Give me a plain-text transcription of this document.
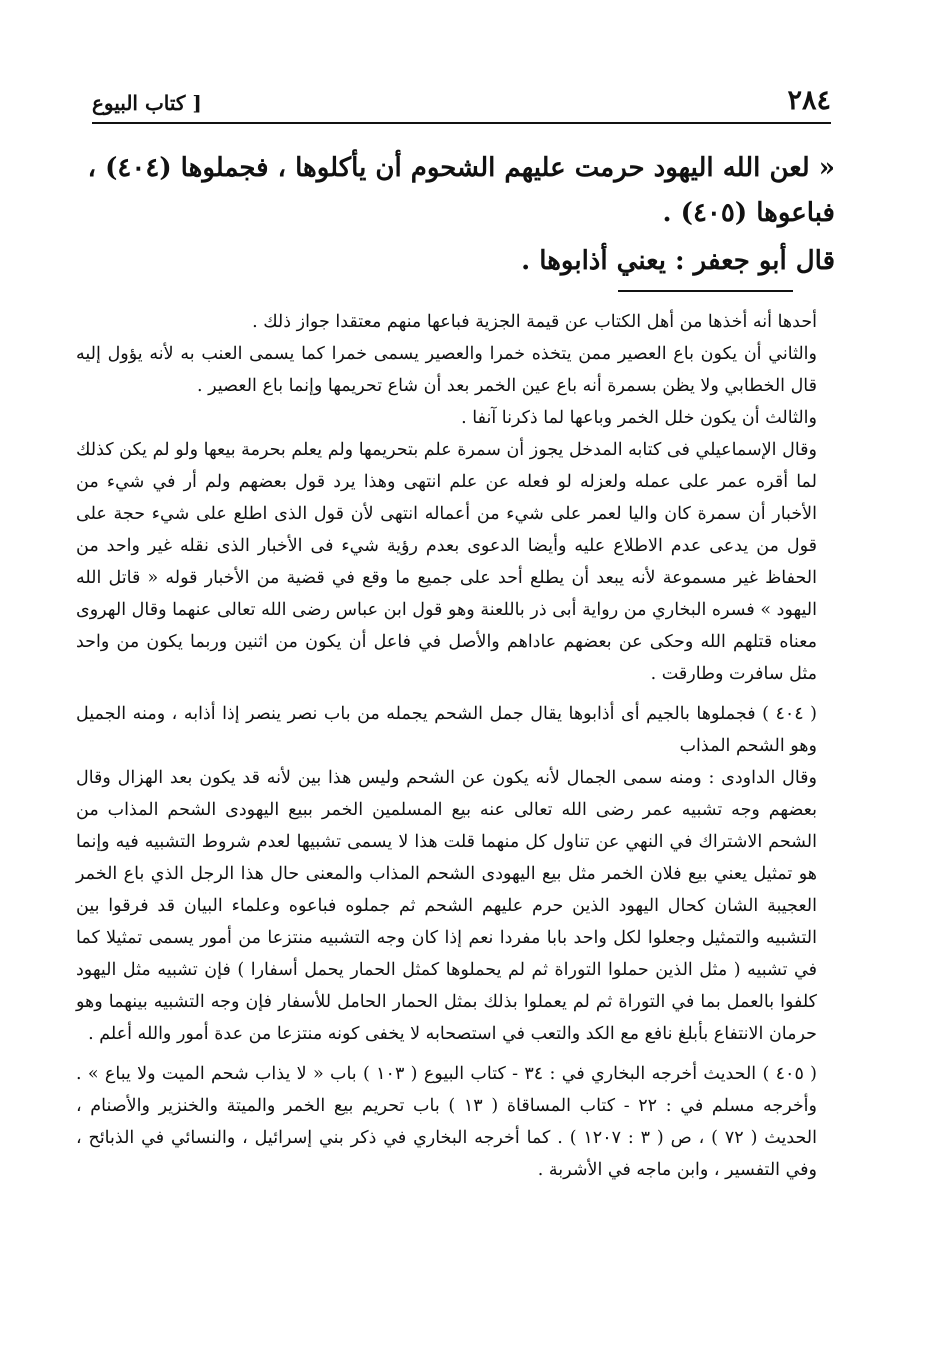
٢٨٤
[ كتاب البيوع

« لعن الله اليهود حرمت عليهم الشحوم أن يأكلوها ، فجملوها (٤٠٤) ،
فباعوها (٤٠٥) .

قال أبو جعفر : يعني أذابوها .

أحدها أنه أخذها من أهل الكتاب عن قيمة الجزية فباعها منهم معتقدا جواز ذلك .

والثاني أن يكون باع العصير ممن يتخذه خمرا والعصير يسمى خمرا كما يسمى العنب به لأنه يؤول إليه قال الخطابي ولا يظن بسمرة أنه باع عين الخمر بعد أن شاع تحريمها وإنما باع العصير .

والثالث أن يكون خلل الخمر وباعها لما ذكرنا آنفا .

وقال الإسماعيلي فى كتابه المدخل يجوز أن سمرة علم بتحريمها ولم يعلم بحرمة بيعها ولو لم يكن كذلك لما أقره عمر على عمله ولعزله لو فعله عن علم انتهى وهذا يرد قول بعضهم ولم أر في شيء من الأخبار أن سمرة كان واليا لعمر على شيء من أعماله انتهى لأن قول الذى اطلع على شيء حجة على قول من يدعى عدم الاطلاع عليه وأيضا الدعوى بعدم رؤية شيء فى الأخبار الذى نقله غير واحد من الحفاظ غير مسموعة لأنه يبعد أن يطلع أحد على جميع ما وقع في قضية من الأخبار قوله « قاتل الله اليهود » فسره البخاري من رواية أبى ذر باللعنة وهو قول ابن عباس رضى الله تعالى عنهما وقال الهروى معناه قتلهم الله وحكى عن بعضهم عاداهم والأصل في فاعل أن يكون من اثنين وربما يكون من واحد مثل سافرت وطارقت .

( ٤٠٤ ) فجملوها بالجيم أى أذابوها يقال جمل الشحم يجمله من باب نصر ينصر إذا أذابه ، ومنه الجميل وهو الشحم المذاب

وقال الداودى : ومنه سمى الجمال لأنه يكون عن الشحم وليس هذا بين لأنه قد يكون بعد الهزال وقال بعضهم وجه تشبيه عمر رضى الله تعالى عنه بيع المسلمين الخمر ببيع اليهودى الشحم المذاب من الشحم الاشتراك في النهي عن تناول كل منهما قلت هذا لا يسمى تشبيها لعدم شروط التشبيه فيه وإنما هو تمثيل يعني بيع فلان الخمر مثل بيع اليهودى الشحم المذاب والمعنى حال هذا الرجل الذي باع الخمر العجيبة الشان كحال اليهود الذين حرم عليهم الشحم ثم جملوه فباعوه وعلماء البيان قد فرقوا بين التشبيه والتمثيل وجعلوا لكل واحد بابا مفردا نعم إذا كان وجه التشبيه منتزعا من أمور يسمى تمثيلا كما في تشبيه ( مثل الذين حملوا التوراة ثم لم يحملوها كمثل الحمار يحمل أسفارا ) فإن تشبيه مثل اليهود كلفوا بالعمل بما في التوراة ثم لم يعملوا بذلك بمثل الحمار الحامل للأسفار فإن وجه التشبيه بينهما وهو حرمان الانتفاع بأبلغ نافع مع الكد والتعب في استصحابه لا يخفى كونه منتزعا من عدة أمور والله أعلم .

( ٤٠٥ ) الحديث أخرجه البخاري في : ٣٤ - كتاب البيوع ( ١٠٣ ) باب « لا يذاب شحم الميت ولا يباع » . وأخرجه مسلم في : ٢٢ - كتاب المساقاة ( ١٣ ) باب تحريم بيع الخمر والميتة والخنزير والأصنام ، الحديث ( ٧٢ ) ، ص ( ٣ : ١٢٠٧ ) . كما أخرجه البخاري في ذكر بني إسرائيل ، والنسائي في الذبائح ، وفي التفسير ، وابن ماجه في الأشربة .
